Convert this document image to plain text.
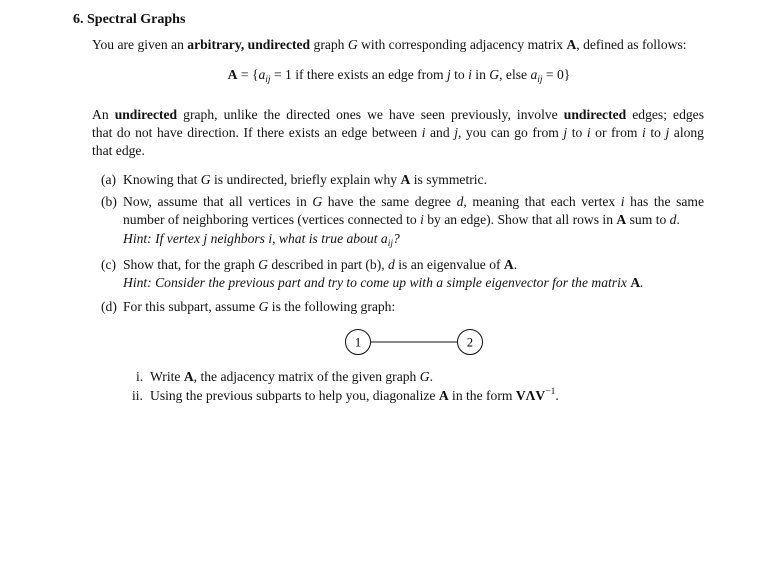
6. Spectral Graphs
You are given an arbitrary, undirected graph G with corresponding adjacency matrix A, defined as follows:
$A = \{a_{ij} = 1$ if there exists an edge from j to i in G, else $a_{ij} = 0$}
An undirected graph, unlike the directed ones we have seen previously, involve undirected edges; edges
that do not have direction. If there exists an edge between i and j, you can go from j to i or from i to j along
that edge.
(a) Knowing that G is undirected, briefly explain why A is symmetric.
(b) Now, assume that all vertices in G have the same degree d, meaning that each vertex i has the same
number of neighboring vertices (vertices connected to i by an edge). Show that all rows in A sum to d.
Hint: If vertex j neighbors i, what is true about $a_{ij}$?
(c) Show that, for the graph G described in part (b), d is an eigenvalue of A.
Hint: Consider the previous part and try to come up with a simple eigenvector for the matrix A.
(d) For this subpart, assume G is the following graph:
1	2
i. Write A, the adjacency matrix of the given graph G.
ii. Using the previous subparts to help you, diagonalize A in the form $V\Lambda V^{-1}$.
